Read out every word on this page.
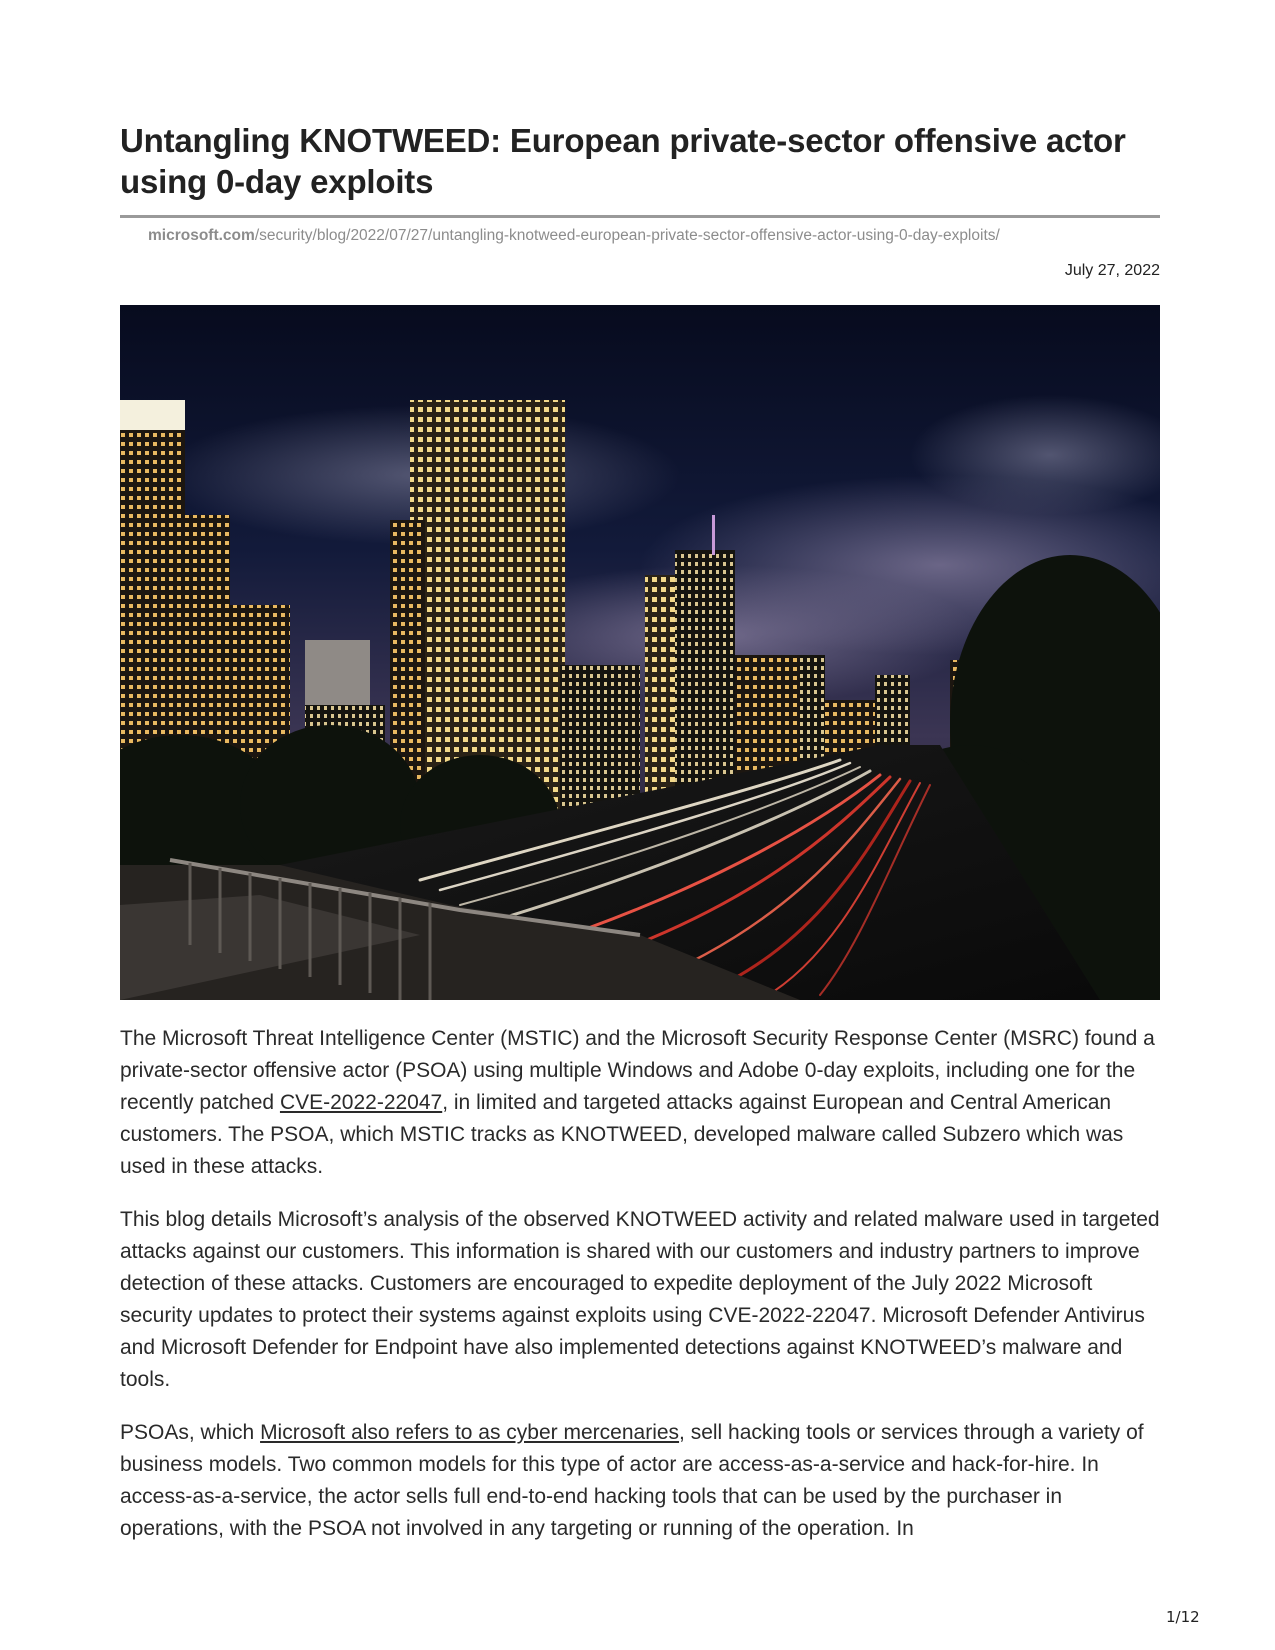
Untangling KNOTWEED: European private-sector offensive actor using 0-day exploits
microsoft.com/security/blog/2022/07/27/untangling-knotweed-european-private-sector-offensive-actor-using-0-day-exploits/
July 27, 2022

The Microsoft Threat Intelligence Center (MSTIC) and the Microsoft Security Response Center (MSRC) found a private-sector offensive actor (PSOA) using multiple Windows and Adobe 0-day exploits, including one for the recently patched CVE-2022-22047, in limited and targeted attacks against European and Central American customers. The PSOA, which MSTIC tracks as KNOTWEED, developed malware called Subzero which was used in these attacks.

This blog details Microsoft’s analysis of the observed KNOTWEED activity and related malware used in targeted attacks against our customers. This information is shared with our customers and industry partners to improve detection of these attacks. Customers are encouraged to expedite deployment of the July 2022 Microsoft security updates to protect their systems against exploits using CVE-2022-22047. Microsoft Defender Antivirus and Microsoft Defender for Endpoint have also implemented detections against KNOTWEED’s malware and tools.

PSOAs, which Microsoft also refers to as cyber mercenaries, sell hacking tools or services through a variety of business models. Two common models for this type of actor are access-as-a-service and hack-for-hire. In access-as-a-service, the actor sells full end-to-end hacking tools that can be used by the purchaser in operations, with the PSOA not involved in any targeting or running of the operation. In

1/12
